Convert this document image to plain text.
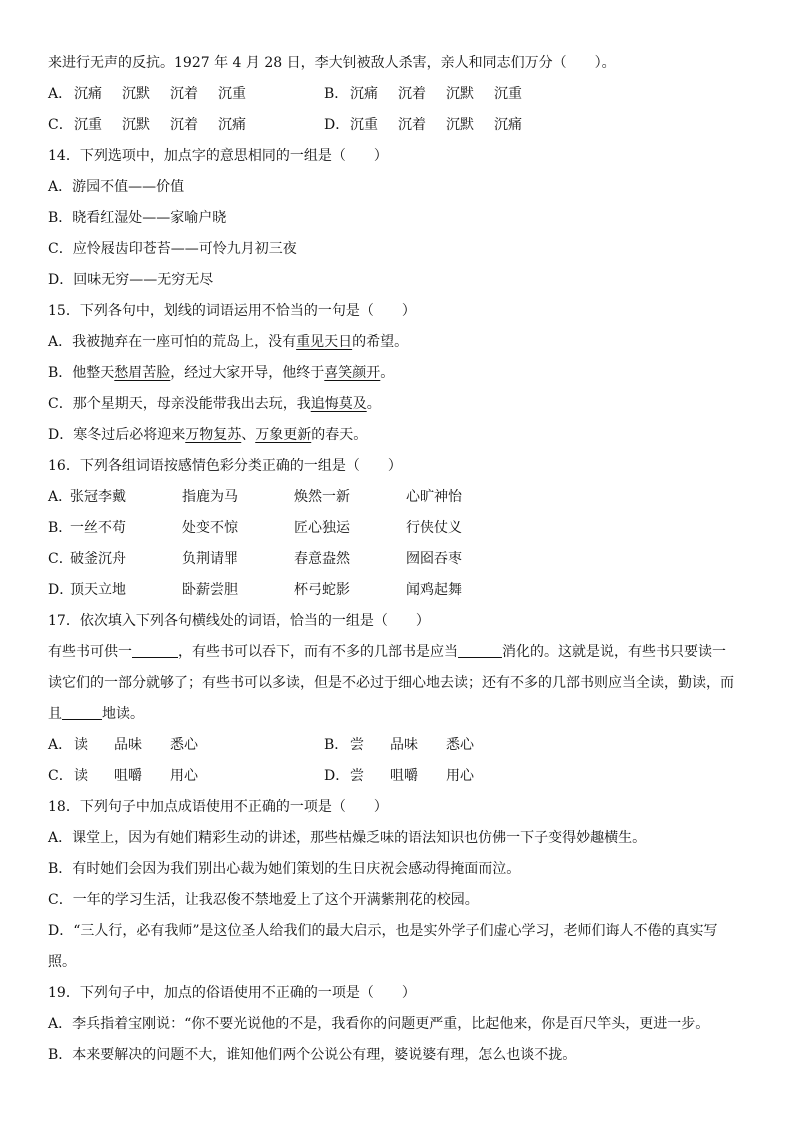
来进行无声的反抗。1927 年 4 月 28 日，李大钊被敌人杀害，亲人和同志们万分（　　）。
A． 沉痛 沉默 沉着 沉重	B． 沉痛 沉着 沉默 沉重
C．沉重 沉默 沉着 沉痛	D．沉重 沉着 沉默 沉痛
14．下列选项中，加点字的意思相同的一组是（　　）
A．游园不值——价值
B．晓看红湿处——家喻户晓
C．应怜屐齿印苍苔——可怜九月初三夜
D．回味无穷——无穷无尽
15．下列各句中，划线的词语运用不恰当的一句是（　　）
A．我被抛弃在一座可怕的荒岛上，没有重见天日的希望。
B．他整天愁眉苦脸，经过大家开导，他终于喜笑颜开。
C．那个星期天，母亲没能带我出去玩，我追悔莫及。
D．寒冬过后必将迎来万物复苏、万象更新的春天。
16．下列各组词语按感情色彩分类正确的一组是（　　）
A．张冠李戴	指鹿为马	焕然一新	心旷神怡
B．一丝不苟	处变不惊	匠心独运	行侠仗义
C．破釜沉舟	负荆请罪	春意盎然	囫囵吞枣
D．顶天立地	卧薪尝胆	杯弓蛇影	闻鸡起舞
17．依次填入下列各句横线处的词语，恰当的一组是（　　）
有些书可供一	，有些书可以吞下，而有不多的几部书是应当	消化的。这就是说，有些书只要读一
读它们的一部分就够了；有些书可以多读，但是不必过于细心地去读；还有不多的几部书则应当全读，勤读，而
且	地读。
A． 读 品味 悉心	B． 尝 品味 悉心
C．读 咀嚼 用心	D．尝 咀嚼 用心
18．下列句子中加点成语使用不正确的一项是（　　）
A．课堂上，因为有她们精彩生动的讲述，那些枯燥乏味的语法知识也仿佛一下子变得妙趣横生。
B．有时她们会因为我们别出心裁为她们策划的生日庆祝会感动得掩面而泣。
C．一年的学习生活，让我忍俊不禁地爱上了这个开满紫荆花的校园。
D．“三人行，必有我师”是这位圣人给我们的最大启示，也是实外学子们虚心学习，老师们诲人不倦的真实写
照。
19．下列句子中，加点的俗语使用不正确的一项是（　　）
A．李兵指着宝刚说：“你不要光说他的不是，我看你的问题更严重，比起他来，你是百尺竿头，更进一步。
B．本来要解决的问题不大，谁知他们两个公说公有理，婆说婆有理，怎么也谈不拢。
